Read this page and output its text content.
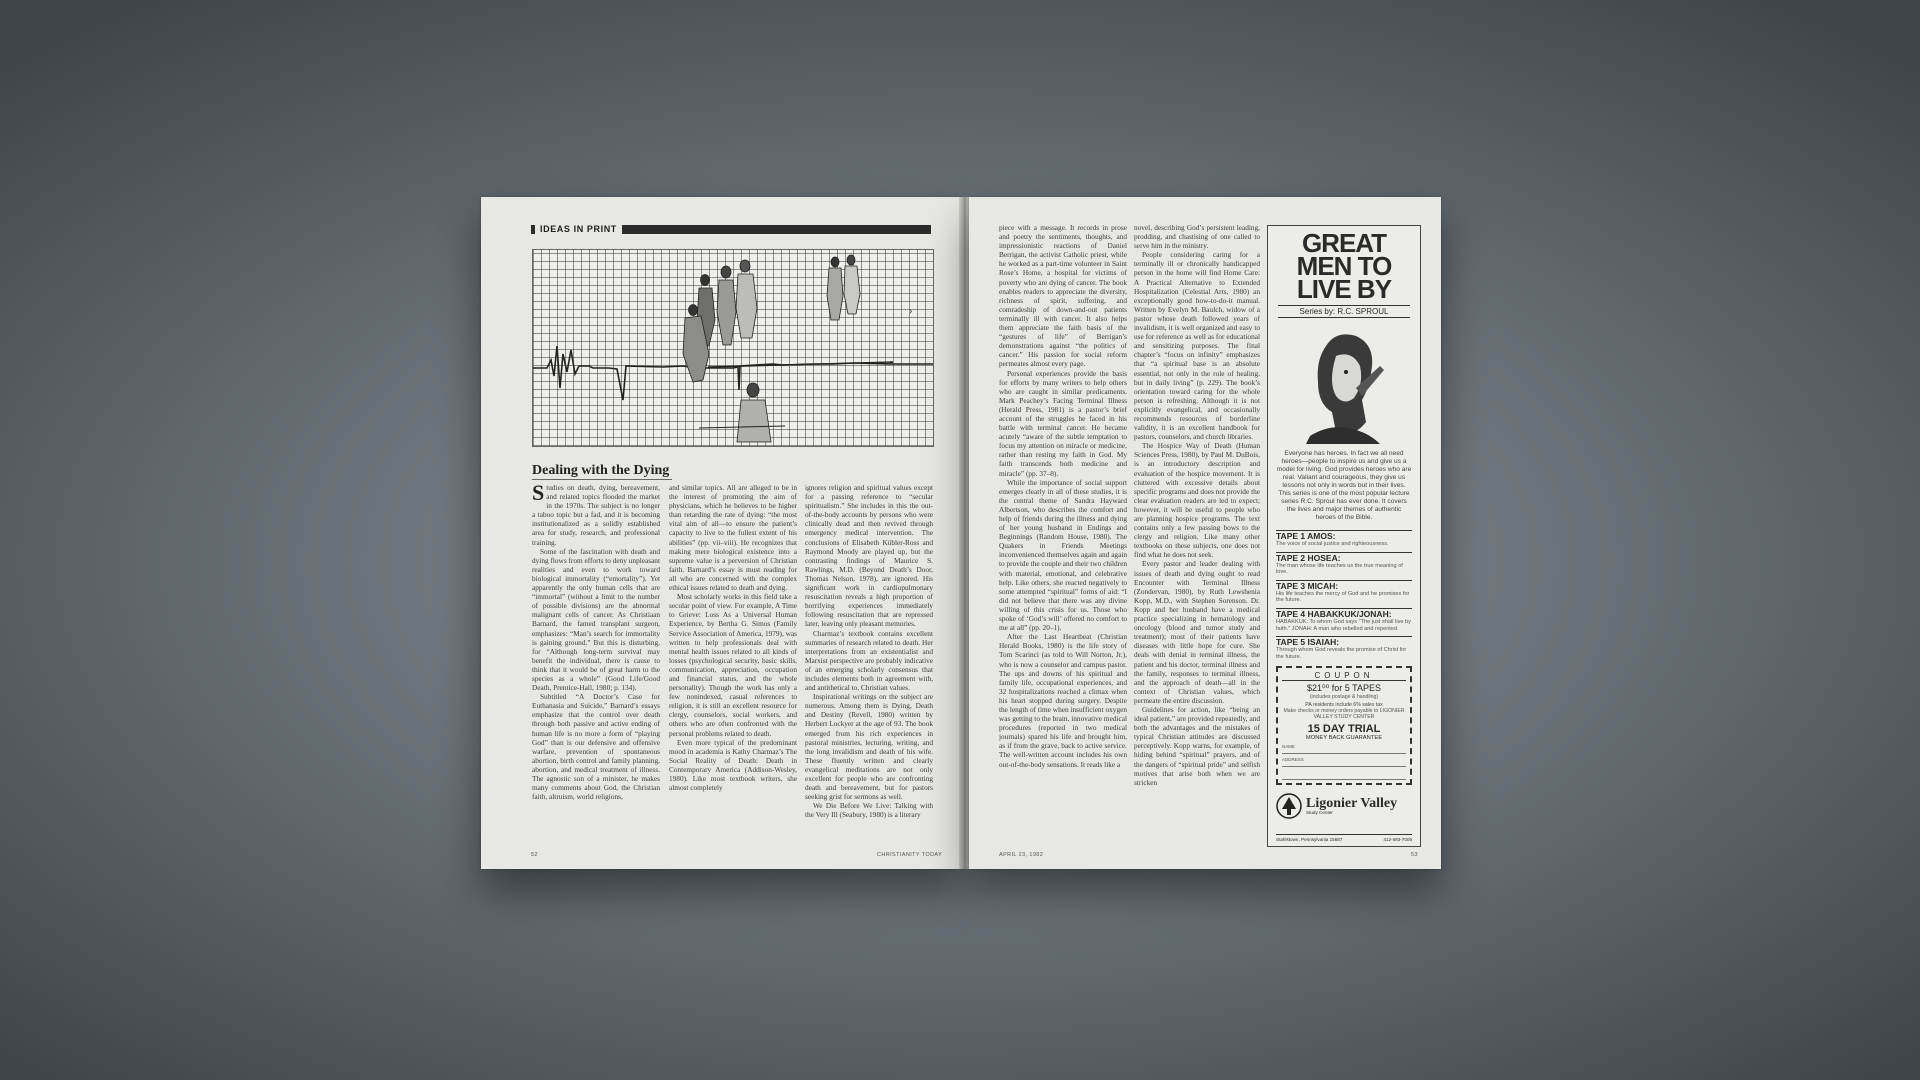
IDEAS IN PRINT
›
Dealing with the Dying

Studies on death, dying, bereavement, and related topics flooded the market in the 1970s. The subject is no longer a taboo topic but a fad, and it is becoming institutionalized as a solidly established area for study, research, and professional training.

Some of the fascination with death and dying flows from efforts to deny unpleasant realities and even to work toward biological immortality (“emortality”). Yet apparently the only human cells that are “immortal” (without a limit to the number of possible divisions) are the abnormal malignant cells of cancer. As Christiaan Barnard, the famed transplant surgeon, emphasizes: “Man’s search for immortality is gaining ground.” But this is disturbing, for “Although long-term survival may benefit the individual, there is cause to think that it would be of great harm to the species as a whole” (Good Life/Good Death, Prentice-Hall, 1980; p. 134).

Subtitled “A Doctor’s Case for Euthanasia and Suicide,” Barnard’s essays emphasize that the control over death through both passive and active ending of human life is no more a form of “playing God” than is our defensive and offensive warfare, prevention of spontaneous abortion, birth control and family planning, abortion, and medical treatment of illness. The agnostic son of a minister, he makes many comments about God, the Christian faith, altruism, world religions,

and similar topics. All are alleged to be in the interest of promoting the aim of physicians, which he believes to be higher than retarding the rate of dying: “the most vital aim of all—to ensure the patient’s capacity to live to the fullest extent of his abilities” (pp. vii–viii). He recognizes that making mere biological existence into a supreme value is a perversion of Christian faith. Barnard’s essay is must reading for all who are concerned with the complex ethical issues related to death and dying.

Most scholarly works in this field take a secular point of view. For example, A Time to Grieve: Loss As a Universal Human Experience, by Bertha G. Simos (Family Service Association of America, 1979), was written to help professionals deal with mental health issues related to all kinds of losses (psychological security, basic skills, communication, appreciation, occupation and financial status, and the whole personality). Though the work has only a few nonindexed, casual references to religion, it is still an excellent resource for clergy, counselors, social workers, and others who are often confronted with the personal problems related to death.

Even more typical of the predominant mood in academia is Kathy Charmaz’s The Social Reality of Death: Death in Contemporary America (Addison-Wesley, 1980). Like most textbook writers, she almost completely

ignores religion and spiritual values except for a passing reference to “secular spiritualism.” She includes in this the out-of-the-body accounts by persons who were clinically dead and then revived through emergency medical intervention. The conclusions of Elisabeth Kübler-Ross and Raymond Moody are played up, but the contrasting findings of Maurice S. Rawlings, M.D. (Beyond Death’s Door, Thomas Nelson, 1978), are ignored. His significant work in cardiopulmonary resuscitation reveals a high proportion of horrifying experiences immediately following resuscitation that are repressed later, leaving only pleasant memories.

Charmaz’s textbook contains excellent summaries of research related to death. Her interpretations from an existentialist and Marxist perspective are probably indicative of an emerging scholarly consensus that includes elements both in agreement with, and antithetical to, Christian values.

Inspirational writings on the subject are numerous. Among them is Dying, Death and Destiny (Revell, 1980) written by Herbert Lockyer at the age of 93. The book emerged from his rich experiences in pastoral ministries, lecturing, writing, and the long invalidism and death of his wife. These fluently written and clearly evangelical meditations are not only excellent for people who are confronting death and bereavement, but for pastors seeking grist for sermons as well.

We Die Before We Live: Talking with the Very Ill (Seabury, 1980) is a literary

52	CHRISTIANITY TODAY

piece with a message. It records in prose and poetry the sentiments, thoughts, and impressionistic reactions of Daniel Berrigan, the activist Catholic priest, while he worked as a part-time volunteer in Saint Rose’s Home, a hospital for victims of poverty who are dying of cancer. The book enables readers to appreciate the diversity, richness of spirit, suffering, and comradeship of down-and-out patients terminally ill with cancer. It also helps them appreciate the faith basis of the “gestures of life” of Berrigan’s demonstrations against “the politics of cancer.” His passion for social reform permeates almost every page.

Personal experiences provide the basis for efforts by many writers to help others who are caught in similar predicaments. Mark Peachey’s Facing Terminal Illness (Herald Press, 1981) is a pastor’s brief account of the struggles he faced in his battle with terminal cancer. He became acutely “aware of the subtle temptation to focus my attention on miracle or medicine, rather than resting my faith in God. My faith transcends both medicine and miracle” (pp. 37–8).

While the importance of social support emerges clearly in all of these studies, it is the central theme of Sandra Hayward Albertson, who describes the comfort and help of friends during the illness and dying of her young husband in Endings and Beginnings (Random House, 1980). The Quakers in Friends Meetings inconvenienced themselves again and again to provide the couple and their two children with material, emotional, and celebrative help. Like others, she reacted negatively to some attempted “spiritual” forms of aid: “I did not believe that there was any divine willing of this crisis for us. Those who spoke of ‘God’s will’ offered no comfort to me at all” (pp. 20–1).

After the Last Heartbeat (Christian Herald Books, 1980) is the life story of Tom Scarinci (as told to Will Norton, Jr.), who is now a counselor and campus pastor. The ups and downs of his spiritual and family life, occupational experiences, and 32 hospitalizations reached a climax when his heart stopped during surgery. Despite the length of time when insufficient oxygen was getting to the brain, innovative medical procedures (reported in two medical journals) spared his life and brought him, as if from the grave, back to active service. The well-written account includes his own out-of-the-body sensations. It reads like a

novel, describing God’s persistent leading, prodding, and chastising of one called to serve him in the ministry.

People considering caring for a terminally ill or chronically handicapped person in the home will find Home Care: A Practical Alternative to Extended Hospitalization (Celestial Arts, 1980) an exceptionally good how-to-do-it manual. Written by Evelyn M. Baulch, widow of a pastor whose death followed years of invalidism, it is well organized and easy to use for reference as well as for educational and sensitizing purposes. The final chapter’s “focus on infinity” emphasizes that “a spiritual base is an absolute essential, not only in the role of healing, but in daily living” (p. 229). The book’s orientation toward caring for the whole person is refreshing. Although it is not explicitly evangelical, and occasionally recommends resources of borderline validity, it is an excellent handbook for pastors, counselors, and church libraries.

The Hospice Way of Death (Human Sciences Press, 1980), by Paul M. DuBois, is an introductory description and evaluation of the hospice movement. It is cluttered with excessive details about specific programs and does not provide the clear evaluation readers are led to expect; however, it will be useful to people who are planning hospice programs. The text contains only a few passing bows to the clergy and religion. Like many other textbooks on these subjects, one does not find what he does not seek.

Every pastor and leader dealing with issues of death and dying ought to read Encounter with Terminal Illness (Zondervan, 1980), by Ruth Lewshenia Kopp, M.D., with Stephen Sorenson. Dr. Kopp and her husband have a medical practice specializing in hematology and oncology (blood and tumor study and treatment); most of their patients have diseases with little hope for cure. She deals with denial in terminal illness, the patient and his doctor, terminal illness and the family, responses to terminal illness, and the approach of death—all in the context of Christian values, which permeate the entire discussion.

Guidelines for action, like “being an ideal patient,” are provided repeatedly, and both the advantages and the mistakes of typical Christian attitudes are discussed perceptively. Kopp warns, for example, of hiding behind “spiritual” prayers, and of the dangers of “spiritual pride” and selfish motives that arise both when we are stricken

GREAT
MEN TO
LIVE BY
Series by: R.C. SPROUL
Everyone has heroes. In fact we all need heroes—people to inspire us and give us a model for living. God provides heroes who are real. Valiant and courageous, they give us lessons not only in words but in their lives. This series is one of the most popular lecture series R.C. Sproul has ever done. It covers the lives and major themes of authentic heroes of the Bible.
TAPE 1 AMOS:
The voice of social justice and righteousness.
TAPE 2 HOSEA:
The man whose life teaches us the true meaning of love.
TAPE 3 MICAH:
His life teaches the mercy of God and he promises for the future.
TAPE 4 HABAKKUK/JONAH:
HABAKKUK: To whom God says "The just shall live by faith." JONAH: A man who rebelled and repented.
TAPE 5 ISAIAH:
Through whom God reveals the promise of Christ for the future.
COUPON
$21⁰⁰ for 5 TAPES
(includes postage & handling)
PA residents include 6% sales tax
Make checks or money orders payable to LIGONIER VALLEY STUDY CENTER
15 DAY TRIAL
MONEY BACK GUARANTEE
NAME
ADDRESS
Ligonier Valley
Study Center
Stahlstown, Pennsylvania 15687	412-593-7005
APRIL 23, 1982	53
